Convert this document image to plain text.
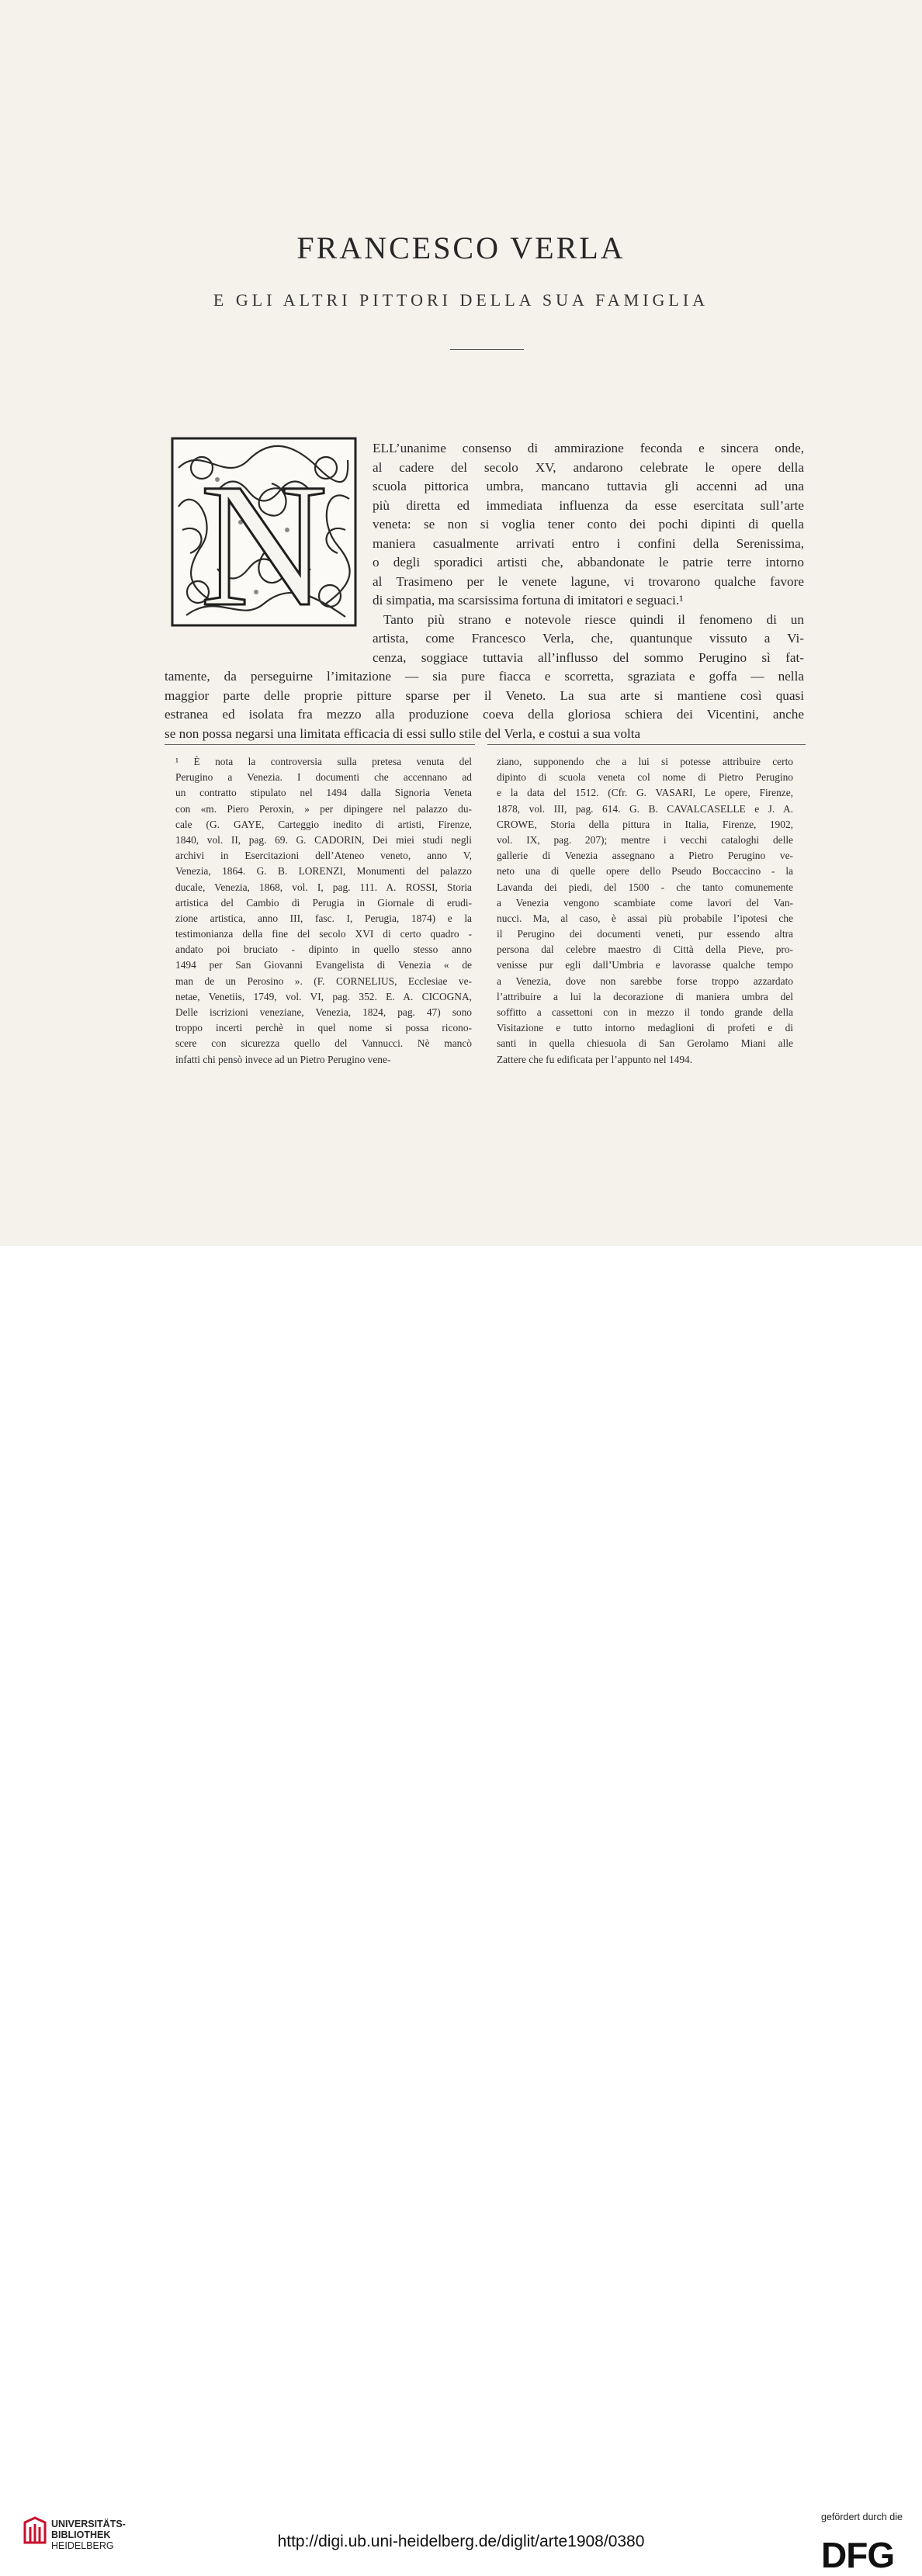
FRANCESCO VERLA
E GLI ALTRI PITTORI DELLA SUA FAMIGLIA
N	ELL’unanime consenso di ammirazione feconda e sincera onde,
al cadere del secolo XV, andarono celebrate le opere della
scuola pittorica umbra, mancano tuttavia gli accenni ad una
più diretta ed immediata influenza da esse esercitata sull’arte
veneta: se non si voglia tener conto dei pochi dipinti di quella
maniera casualmente arrivati entro i confini della Serenissima,
o degli sporadici artisti che, abbandonate le patrie terre intorno
al Trasimeno per le venete lagune, vi trovarono qualche favore
di simpatia, ma scarsissima fortuna di imitatori e seguaci.¹
Tanto più strano e notevole riesce quindi il fenomeno di un
artista, come Francesco Verla, che, quantunque vissuto a Vi-
cenza, soggiace tuttavia all’influsso del sommo Perugino sì fat-
tamente, da perseguirne l’imitazione — sia pure fiacca e scorretta, sgraziata e goffa — nella
maggior parte delle proprie pitture sparse per il Veneto. La sua arte si mantiene così quasi
estranea ed isolata fra mezzo alla produzione coeva della gloriosa schiera dei Vicentini, anche
se non possa negarsi una limitata efficacia di essi sullo stile del Verla, e costui a sua volta
¹ È nota la controversia sulla pretesa venuta del
Perugino a Venezia. I documenti che accennano ad
un contratto stipulato nel 1494 dalla Signoria Veneta
con «m. Piero Peroxin, » per dipingere nel palazzo du-
cale (G. GAYE, Carteggio inedito di artisti, Firenze,
1840, vol. II, pag. 69. G. CADORIN, Dei miei studi negli
archivi in Esercitazioni dell’Ateneo veneto, anno V,
Venezia, 1864. G. B. LORENZI, Monumenti del palazzo
ducale, Venezia, 1868, vol. I, pag. 111. A. ROSSI, Storia
artistica del Cambio di Perugia in Giornale di erudi-
zione artistica, anno III, fasc. I, Perugia, 1874) e la
testimonianza della fine del secolo XVI di certo quadro -
andato poi bruciato - dipinto in quello stesso anno
1494 per San Giovanni Evangelista di Venezia « de
man de un Perosino ». (F. CORNELIUS, Ecclesiae ve-
netae, Venetiis, 1749, vol. VI, pag. 352. E. A. CICOGNA,
Delle iscrizioni veneziane, Venezia, 1824, pag. 47) sono
troppo incerti perchè in quel nome si possa ricono-
scere con sicurezza quello del Vannucci. Nè mancò
infatti chi pensò invece ad un Pietro Perugino vene-
ziano, supponendo che a lui si potesse attribuire certo
dipinto di scuola veneta col nome di Pietro Perugino
e la data del 1512. (Cfr. G. VASARI, Le opere, Firenze,
1878, vol. III, pag. 614. G. B. CAVALCASELLE e J. A.
CROWE, Storia della pittura in Italia, Firenze, 1902,
vol. IX, pag. 207); mentre i vecchi cataloghi delle
gallerie di Venezia assegnano a Pietro Perugino ve-
neto una di quelle opere dello Pseudo Boccaccino - la
Lavanda dei piedi, del 1500 - che tanto comunemente
a Venezia vengono scambiate come lavori del Van-
nucci. Ma, al caso, è assai più probabile l’ipotesi che
il Perugino dei documenti veneti, pur essendo altra
persona dal celebre maestro di Città della Pieve, pro-
venisse pur egli dall’Umbria e lavorasse qualche tempo
a Venezia, dove non sarebbe forse troppo azzardato
l’attribuire a lui la decorazione di maniera umbra del
soffitto a cassettoni con in mezzo il tondo grande della
Visitazione e tutto intorno medaglioni di profeti e di
santi in quella chiesuola di San Gerolamo Miani alle
Zattere che fu edificata per l’appunto nel 1494.
UNIVERSITÄTS-
BIBLIOTHEK
HEIDELBERG	http://digi.ub.uni-heidelberg.de/diglit/arte1908/0380
gefördert durch die
DFG
